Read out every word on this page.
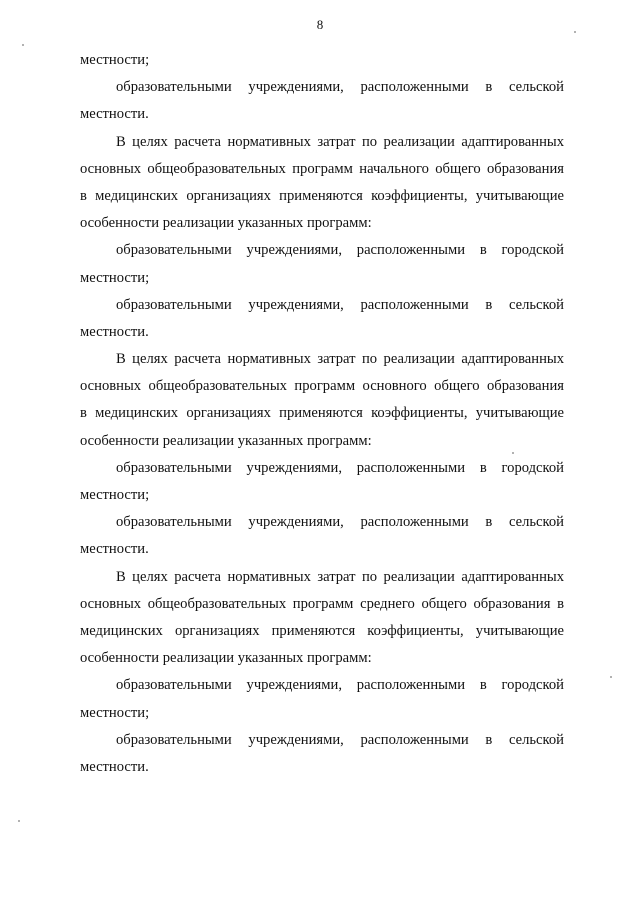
8
местности;
образовательными учреждениями, расположенными в сельской
местности.
В целях расчета нормативных затрат по реализации адаптированных
основных общеобразовательных программ начального общего образования
в медицинских организациях применяются коэффициенты, учитывающие
особенности реализации указанных программ:
образовательными учреждениями, расположенными в городской
местности;
образовательными учреждениями, расположенными в сельской
местности.
В целях расчета нормативных затрат по реализации адаптированных
основных общеобразовательных программ основного общего образования
в медицинских организациях применяются коэффициенты, учитывающие
особенности реализации указанных программ:
образовательными учреждениями, расположенными в городской
местности;
образовательными учреждениями, расположенными в сельской
местности.
В целях расчета нормативных затрат по реализации адаптированных
основных общеобразовательных программ среднего общего образования в
медицинских организациях применяются коэффициенты, учитывающие
особенности реализации указанных программ:
образовательными учреждениями, расположенными в городской
местности;
образовательными учреждениями, расположенными в сельской
местности.
